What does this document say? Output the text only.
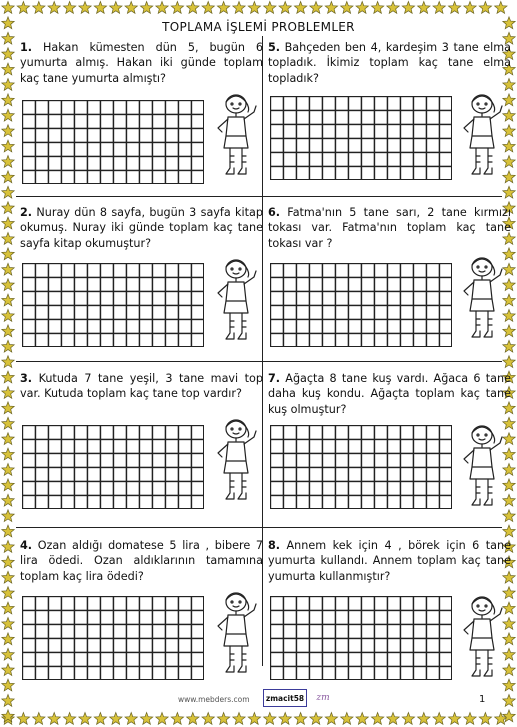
TOPLAMA İŞLEMİ PROBLEMLER
1. Hakan kümesten dün 5, bugün 6 yumurta almış. Hakan iki günde toplam kaç tane yumurta almıştı?
5. Bahçeden ben 4, kardeşim 3 tane elma topladık. İkimiz toplam kaç tane elma topladık?
2. Nuray dün 8 sayfa, bugün 3 sayfa kitap okumuş. Nuray iki günde toplam kaç tane sayfa kitap okumuştur?
6. Fatma'nın 5 tane sarı, 2 tane kırmızı tokası var. Fatma'nın toplam kaç tane tokası var ?
3. Kutuda 7 tane yeşil, 3 tane mavi top var. Kutuda toplam kaç tane top vardır?
7. Ağaçta 8 tane kuş vardı. Ağaca 6 tane daha kuş kondu. Ağaçta toplam kaç tane kuş olmuştur?
4. Ozan aldığı domatese 5 lira , bibere 7 lira ödedi. Ozan aldıklarının tamamına toplam kaç lira ödedi?
8. Annem kek için 4 , börek için 6 tane yumurta kullandı. Annem toplam kaç tane yumurta kullanmıştır?
www.mebders.com	zmacit58	zm	1
